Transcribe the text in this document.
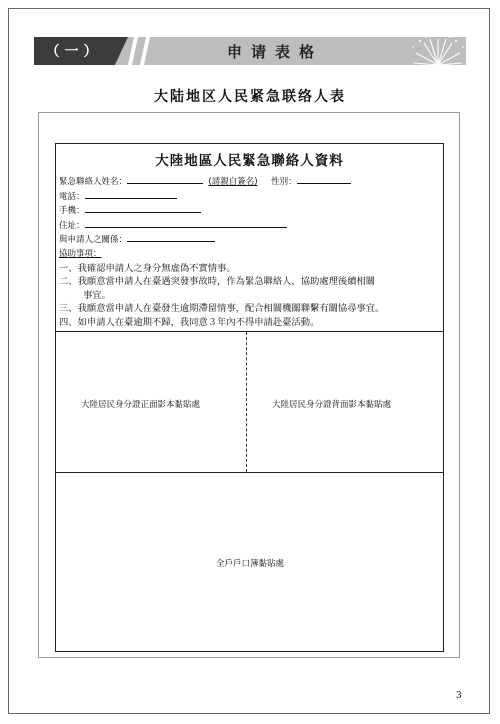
（一）	申请表格
大陆地区人民紧急联络人表
大陸地區人民緊急聯絡人資料
緊急聯絡人姓名：	(請親自簽名) 性別：
電話：
手機：
住址：
與申請人之關係：
協助事項：
一、我確認申請人之身分無虛偽不實情事。
二、我願意當申請人在臺遇突發事故時，作為緊急聯絡人，協助處理後續相關
事宜。
三、我願意當申請人在臺發生逾期滯留情事，配合相關機關聯繫有關協尋事宜。
四、如申請人在臺逾期不歸，我同意３年內不得申請赴臺活動。
大陸居民身分證正面影本黏貼處	大陸居民身分證背面影本黏貼處
全戶戶口簿黏貼處
3
